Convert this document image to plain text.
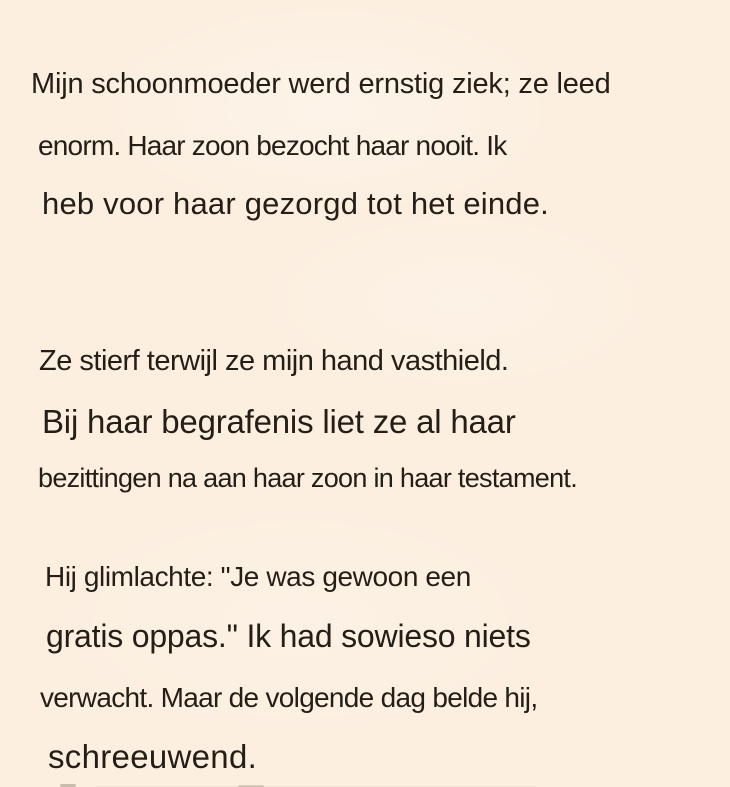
Mijn schoonmoeder werd ernstig ziek; ze leed
enorm. Haar zoon bezocht haar nooit. Ik
heb voor haar gezorgd tot het einde.
Ze stierf terwijl ze mijn hand vasthield.
Bij haar begrafenis liet ze al haar
bezittingen na aan haar zoon in haar testament.
Hij glimlachte: "Je was gewoon een
gratis oppas." Ik had sowieso niets
verwacht. Maar de volgende dag belde hij,
schreeuwend.
